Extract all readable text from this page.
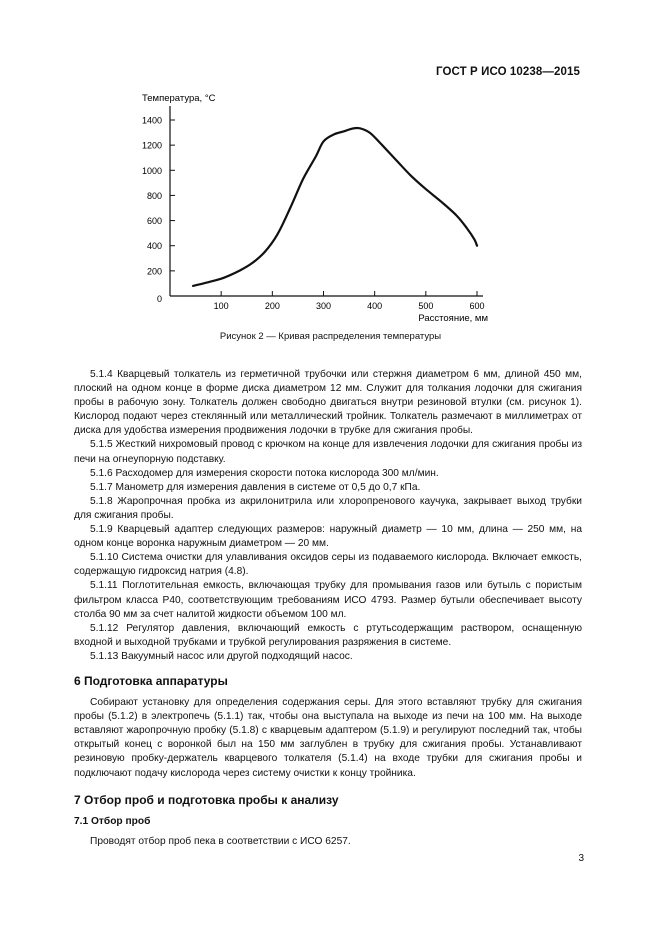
ГОСТ Р ИСО 10238—2015
200
400
600
800
1000
1200
1400
100	200	300	400	500	600
0
Температура, °С
Расстояние, мм
Рисунок 2 — Кривая распределения температуры

5.1.4 Кварцевый толкатель из герметичной трубочки или стержня диаметром 6 мм, длиной 450 мм, плоский на одном конце в форме диска диаметром 12 мм. Служит для толкания лодочки для сжигания пробы в рабочую зону. Толкатель должен свободно двигаться внутри резиновой втулки (см. рисунок 1). Кислород подают через стеклянный или металлический тройник. Толкатель размечают в миллиметрах от диска для удобства измерения продвижения лодочки в трубке для сжигания пробы.

5.1.5 Жесткий нихромовый провод с крючком на конце для извлечения лодочки для сжигания пробы из печи на огнеупорную подставку.

5.1.6 Расходомер для измерения скорости потока кислорода 300 мл/мин.

5.1.7 Манометр для измерения давления в системе от 0,5 до 0,7 кПа.

5.1.8 Жаропрочная пробка из акрилонитрила или хлоропренового каучука, закрывает выход трубки для сжигания пробы.

5.1.9 Кварцевый адаптер следующих размеров: наружный диаметр — 10 мм, длина — 250 мм, на одном конце воронка наружным диаметром — 20 мм.

5.1.10 Система очистки для улавливания оксидов серы из подаваемого кислорода. Включает емкость, содержащую гидроксид натрия (4.8).

5.1.11 Поглотительная емкость, включающая трубку для промывания газов или бутыль с пористым фильтром класса P40, соответствующим требованиям ИСО 4793. Размер бутыли обеспечивает высоту столба 90 мм за счет налитой жидкости объемом 100 мл.

5.1.12 Регулятор давления, включающий емкость с ртутьсодержащим раствором, оснащенную входной и выходной трубками и трубкой регулирования разряжения в системе.

5.1.13 Вакуумный насос или другой подходящий насос.

6 Подготовка аппаратуры

Собирают установку для определения содержания серы. Для этого вставляют трубку для сжигания пробы (5.1.2) в электропечь (5.1.1) так, чтобы она выступала на выходе из печи на 100 мм. На выходе вставляют жаропрочную пробку (5.1.8) с кварцевым адаптером (5.1.9) и регулируют последний так, чтобы открытый конец с воронкой был на 150 мм заглублен в трубку для сжигания пробы. Устанавливают резиновую пробку-держатель кварцевого толкателя (5.1.4) на входе трубки для сжигания пробы и подключают подачу кислорода через систему очистки к концу тройника.

7 Отбор проб и подготовка пробы к анализу
7.1 Отбор проб

Проводят отбор проб пека в соответствии с ИСО 6257.

3
